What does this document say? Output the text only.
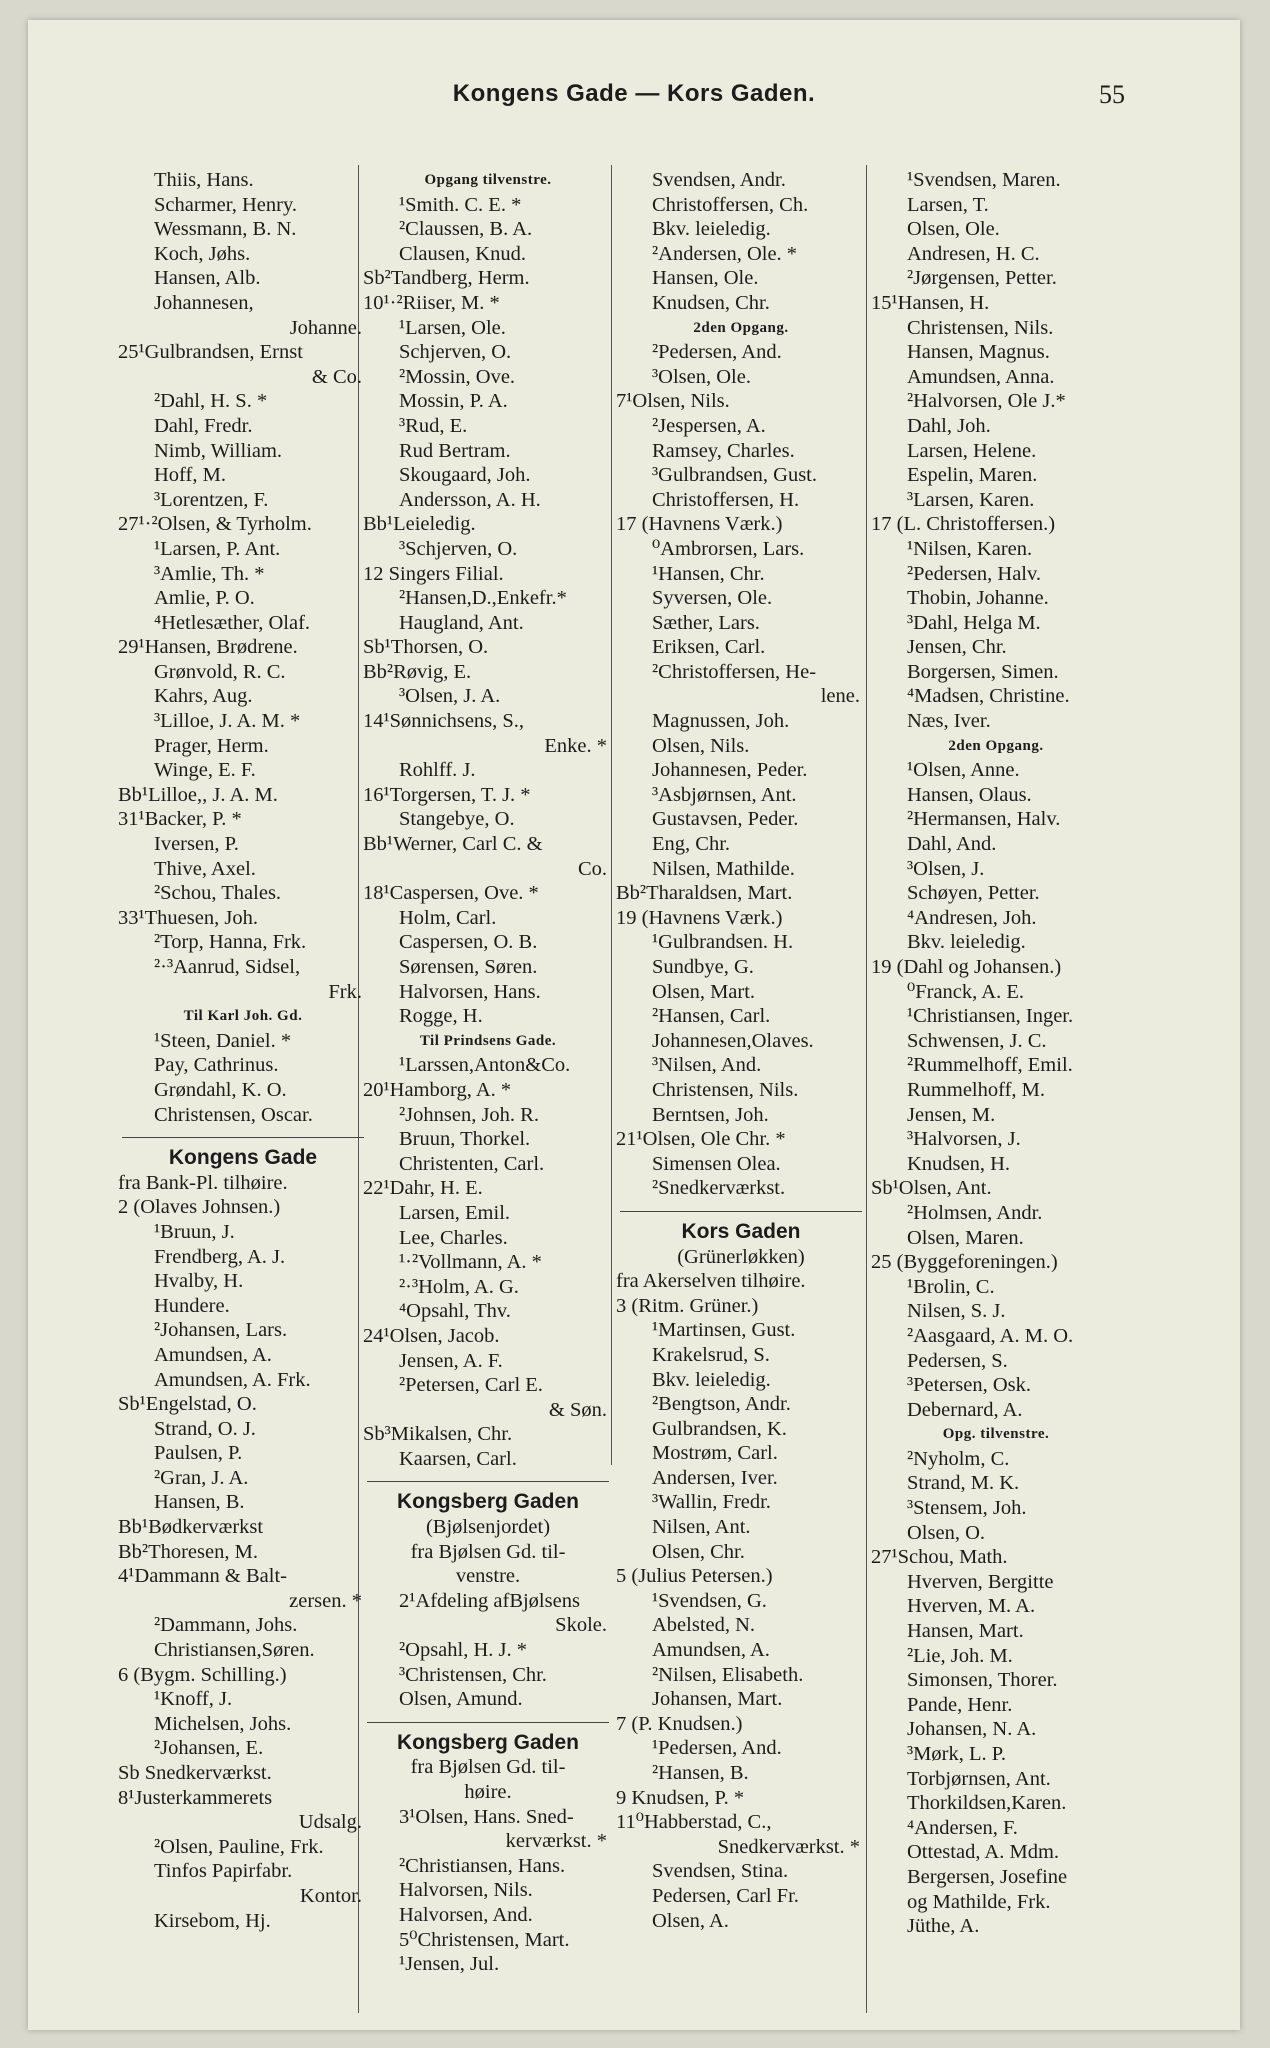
Kongens Gade — Kors Gaden.	55
Thiis, Hans.
Scharmer, Henry.
Wessmann, B. N.
Koch, Jøhs.
Hansen, Alb.
Johannesen,
Johanne.
25¹Gulbrandsen, Ernst
& Co.
²Dahl, H. S. *
Dahl, Fredr.
Nimb, William.
Hoff, M.
³Lorentzen, F.
27¹·²Olsen, & Tyrholm.
¹Larsen, P. Ant.
³Amlie, Th. *
Amlie, P. O.
⁴Hetlesæther, Olaf.
29¹Hansen, Brødrene.
Grønvold, R. C.
Kahrs, Aug.
³Lilloe, J. A. M. *
Prager, Herm.
Winge, E. F.
Bb¹Lilloe,, J. A. M.
31¹Backer, P. *
Iversen, P.
Thive, Axel.
²Schou, Thales.
33¹Thuesen, Joh.
²Torp, Hanna, Frk.
²·³Aanrud, Sidsel,
Frk.
Til Karl Joh. Gd.
¹Steen, Daniel. *
Pay, Cathrinus.
Grøndahl, K. O.
Christensen, Oscar.
Kongens Gade
fra Bank-Pl. tilhøire.
2 (Olaves Johnsen.)
¹Bruun, J.
Frendberg, A. J.
Hvalby, H.
Hundere.
²Johansen, Lars.
Amundsen, A.
Amundsen, A. Frk.
Sb¹Engelstad, O.
Strand, O. J.
Paulsen, P.
²Gran, J. A.
Hansen, B.
Bb¹Bødkerværkst
Bb²Thoresen, M.
4¹Dammann & Balt-
zersen. *
²Dammann, Johs.
Christiansen,Søren.
6 (Bygm. Schilling.)
¹Knoff, J.
Michelsen, Johs.
²Johansen, E.
Sb Snedkerværkst.
8¹Justerkammerets
Udsalg.
²Olsen, Pauline, Frk.
Tinfos Papirfabr.
Kontor.
Kirsebom, Hj.
Opgang tilvenstre.
¹Smith. C. E. *
²Claussen, B. A.
Clausen, Knud.
Sb²Tandberg, Herm.
10¹·²Riiser, M. *
¹Larsen, Ole.
Schjerven, O.
²Mossin, Ove.
Mossin, P. A.
³Rud, E.
Rud Bertram.
Skougaard, Joh.
Andersson, A. H.
Bb¹Leieledig.
³Schjerven, O.
12 Singers Filial.
²Hansen,D.,Enkefr.*
Haugland, Ant.
Sb¹Thorsen, O.
Bb²Røvig, E.
³Olsen, J. A.
14¹Sønnichsens, S.,
Enke. *
Rohlff. J.
16¹Torgersen, T. J. *
Stangebye, O.
Bb¹Werner, Carl C. &
Co.
18¹Caspersen, Ove. *
Holm, Carl.
Caspersen, O. B.
Sørensen, Søren.
Halvorsen, Hans.
Rogge, H.
Til Prindsens Gade.
¹Larssen,Anton&Co.
20¹Hamborg, A. *
²Johnsen, Joh. R.
Bruun, Thorkel.
Christenten, Carl.
22¹Dahr, H. E.
Larsen, Emil.
Lee, Charles.
¹·²Vollmann, A. *
²·³Holm, A. G.
⁴Opsahl, Thv.
24¹Olsen, Jacob.
Jensen, A. F.
²Petersen, Carl E.
& Søn.
Sb³Mikalsen, Chr.
Kaarsen, Carl.
Kongsberg Gaden
(Bjølsenjordet)
fra Bjølsen Gd. til-
venstre.
2¹Afdeling afBjølsens
Skole.
²Opsahl, H. J. *
³Christensen, Chr.
Olsen, Amund.
Kongsberg Gaden
fra Bjølsen Gd. til-
høire.
3¹Olsen, Hans. Sned-
kerværkst. *
²Christiansen, Hans.
Halvorsen, Nils.
Halvorsen, And.
5⁰Christensen, Mart.
¹Jensen, Jul.
Svendsen, Andr.
Christoffersen, Ch.
Bkv. leieledig.
²Andersen, Ole. *
Hansen, Ole.
Knudsen, Chr.
2den Opgang.
²Pedersen, And.
³Olsen, Ole.
7¹Olsen, Nils.
²Jespersen, A.
Ramsey, Charles.
³Gulbrandsen, Gust.
Christoffersen, H.
17 (Havnens Værk.)
⁰Ambrorsen, Lars.
¹Hansen, Chr.
Syversen, Ole.
Sæther, Lars.
Eriksen, Carl.
²Christoffersen, He-
lene.
Magnussen, Joh.
Olsen, Nils.
Johannesen, Peder.
³Asbjørnsen, Ant.
Gustavsen, Peder.
Eng, Chr.
Nilsen, Mathilde.
Bb²Tharaldsen, Mart.
19 (Havnens Værk.)
¹Gulbrandsen. H.
Sundbye, G.
Olsen, Mart.
²Hansen, Carl.
Johannesen,Olaves.
³Nilsen, And.
Christensen, Nils.
Berntsen, Joh.
21¹Olsen, Ole Chr. *
Simensen Olea.
²Snedkerværkst.
Kors Gaden
(Grünerløkken)
fra Akerselven tilhøire.
3 (Ritm. Grüner.)
¹Martinsen, Gust.
Krakelsrud, S.
Bkv. leieledig.
²Bengtson, Andr.
Gulbrandsen, K.
Mostrøm, Carl.
Andersen, Iver.
³Wallin, Fredr.
Nilsen, Ant.
Olsen, Chr.
5 (Julius Petersen.)
¹Svendsen, G.
Abelsted, N.
Amundsen, A.
²Nilsen, Elisabeth.
Johansen, Mart.
7 (P. Knudsen.)
¹Pedersen, And.
²Hansen, B.
9 Knudsen, P. *
11⁰Habberstad, C.,
Snedkerværkst. *
Svendsen, Stina.
Pedersen, Carl Fr.
Olsen, A.
¹Svendsen, Maren.
Larsen, T.
Olsen, Ole.
Andresen, H. C.
²Jørgensen, Petter.
15¹Hansen, H.
Christensen, Nils.
Hansen, Magnus.
Amundsen, Anna.
²Halvorsen, Ole J.*
Dahl, Joh.
Larsen, Helene.
Espelin, Maren.
³Larsen, Karen.
17 (L. Christoffersen.)
¹Nilsen, Karen.
²Pedersen, Halv.
Thobin, Johanne.
³Dahl, Helga M.
Jensen, Chr.
Borgersen, Simen.
⁴Madsen, Christine.
Næs, Iver.
2den Opgang.
¹Olsen, Anne.
Hansen, Olaus.
²Hermansen, Halv.
Dahl, And.
³Olsen, J.
Schøyen, Petter.
⁴Andresen, Joh.
Bkv. leieledig.
19 (Dahl og Johansen.)
⁰Franck, A. E.
¹Christiansen, Inger.
Schwensen, J. C.
²Rummelhoff, Emil.
Rummelhoff, M.
Jensen, M.
³Halvorsen, J.
Knudsen, H.
Sb¹Olsen, Ant.
²Holmsen, Andr.
Olsen, Maren.
25 (Byggeforeningen.)
¹Brolin, C.
Nilsen, S. J.
²Aasgaard, A. M. O.
Pedersen, S.
³Petersen, Osk.
Debernard, A.
Opg. tilvenstre.
²Nyholm, C.
Strand, M. K.
³Stensem, Joh.
Olsen, O.
27¹Schou, Math.
Hverven, Bergitte
Hverven, M. A.
Hansen, Mart.
²Lie, Joh. M.
Simonsen, Thorer.
Pande, Henr.
Johansen, N. A.
³Mørk, L. P.
Torbjørnsen, Ant.
Thorkildsen,Karen.
⁴Andersen, F.
Ottestad, A. Mdm.
Bergersen, Josefine
og Mathilde, Frk.
Jüthe, A.
